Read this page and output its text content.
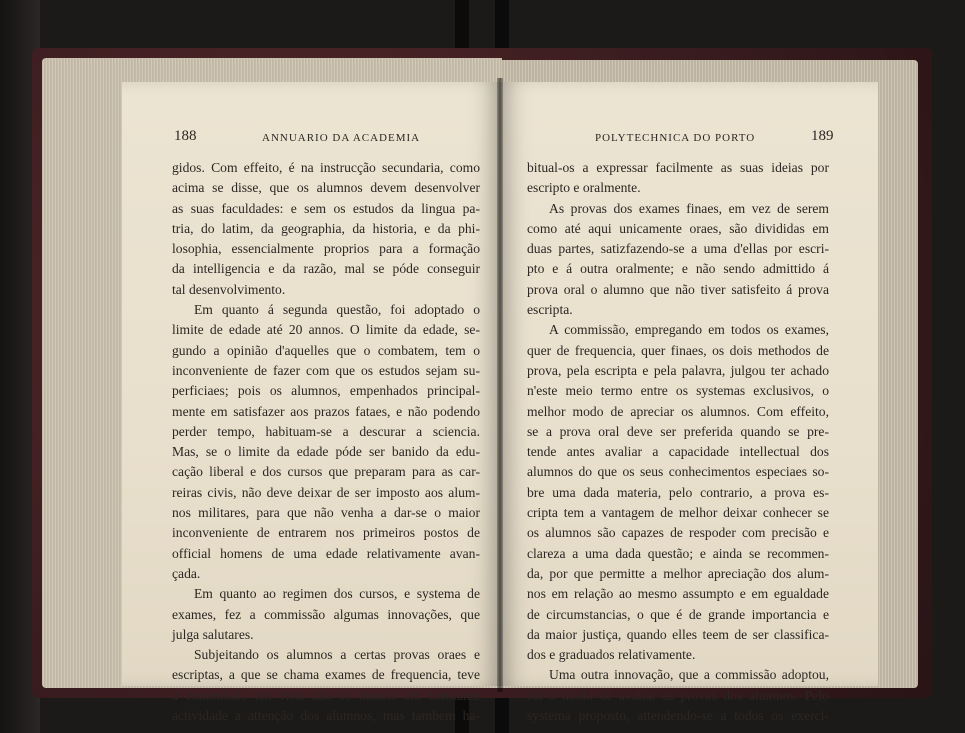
188	ANNUARIO DA ACADEMIA
gidos. Com effeito, é na instrucção secundaria, como
acima se disse, que os alumnos devem desenvolver
as suas faculdades: e sem os estudos da lingua pa-
tria, do latim, da geographia, da historia, e da phi-
losophia, essencialmente proprios para a formação
da intelligencia e da razão, mal se póde conseguir
tal desenvolvimento.
Em quanto á segunda questão, foi adoptado o
limite de edade até 20 annos. O limite da edade, se-
gundo a opinião d'aquelles que o combatem, tem o
inconveniente de fazer com que os estudos sejam su-
perficiaes; pois os alumnos, empenhados principal-
mente em satisfazer aos prazos fataes, e não podendo
perder tempo, habituam-se a descurar a sciencia.
Mas, se o limite da edade póde ser banido da edu-
cação liberal e dos cursos que preparam para as car-
reiras civis, não deve deixar de ser imposto aos alum-
nos militares, para que não venha a dar-se o maior
inconveniente de entrarem nos primeiros postos de
official homens de uma edade relativamente avan-
çada.
Em quanto ao regimen dos cursos, e systema de
exames, fez a commissão algumas innovações, que
julga salutares.
Subjeitando os alumnos a certas provas oraes e
escriptas, a que se chama exames de frequencia, teve
a commissão em vista não só manter em constante
actividade a attenção dos alumnos, mas tambem ha-
189
POLYTECHNICA DO PORTO
bitual-os a expressar facilmente as suas ideias por
escripto e oralmente.
As provas dos exames finaes, em vez de serem
como até aqui unicamente oraes, são divididas em
duas partes, satizfazendo-se a uma d'ellas por escri-
pto e á outra oralmente; e não sendo admittido á
prova oral o alumno que não tiver satisfeito á prova
escripta.
A commissão, empregando em todos os exames,
quer de frequencia, quer finaes, os dois methodos de
prova, pela escripta e pela palavra, julgou ter achado
n'este meio termo entre os systemas exclusivos, o
melhor modo de apreciar os alumnos. Com effeito,
se a prova oral deve ser preferida quando se pre-
tende antes avaliar a capacidade intellectual dos
alumnos do que os seus conhecimentos especiaes so-
bre uma dada materia, pelo contrario, a prova es-
cripta tem a vantagem de melhor deixar conhecer se
os alumnos são capazes de respoder com precisão e
clareza a uma dada questão; e ainda se recommen-
da, por que permitte a melhor apreciação dos alum-
nos em relação ao mesmo assumpto e em egualdade
de circumstancias, o que é de grande importancia e
da maior justiça, quando elles teem de ser classifica-
dos e graduados relativamente.
Uma outra innovação, que a commissão adoptou,
foi o modo de avaliar as provas dos alumnos. Pelo
systema proposto, attendendo-se a todos os exerci-
